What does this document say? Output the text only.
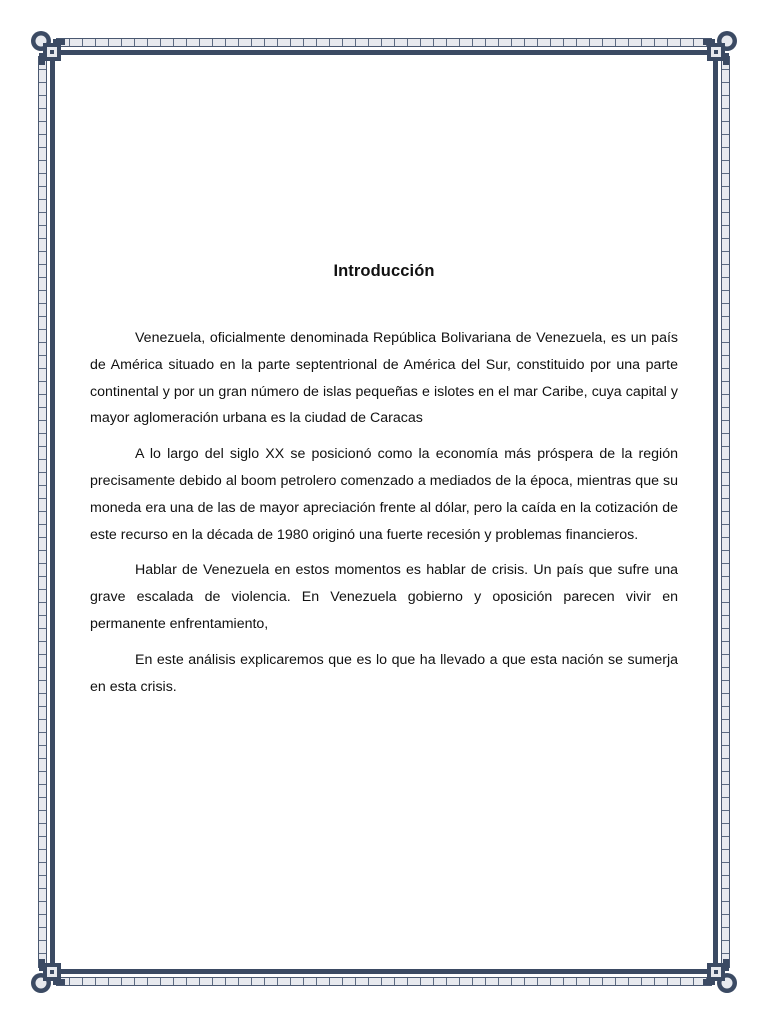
Introducción

Venezuela, oficialmente denominada República Bolivariana de Venezuela, es un país de América situado en la parte septentrional de América del Sur, constituido por una parte continental y por un gran número de islas pequeñas e islotes en el mar Caribe, cuya capital y mayor aglomeración urbana es la ciudad de Caracas

A lo largo del siglo XX se posicionó como la economía más próspera de la región precisamente debido al boom petrolero comenzado a mediados de la época, mientras que su moneda era una de las de mayor apreciación frente al dólar, pero la caída en la cotización de este recurso en la década de 1980 originó una fuerte recesión y problemas financieros.

Hablar de Venezuela en estos momentos es hablar de crisis. Un país que sufre una grave escalada de violencia. En Venezuela gobierno y oposición parecen vivir en permanente enfrentamiento,

En este análisis explicaremos que es lo que ha llevado a que esta nación se sumerja en esta crisis.
